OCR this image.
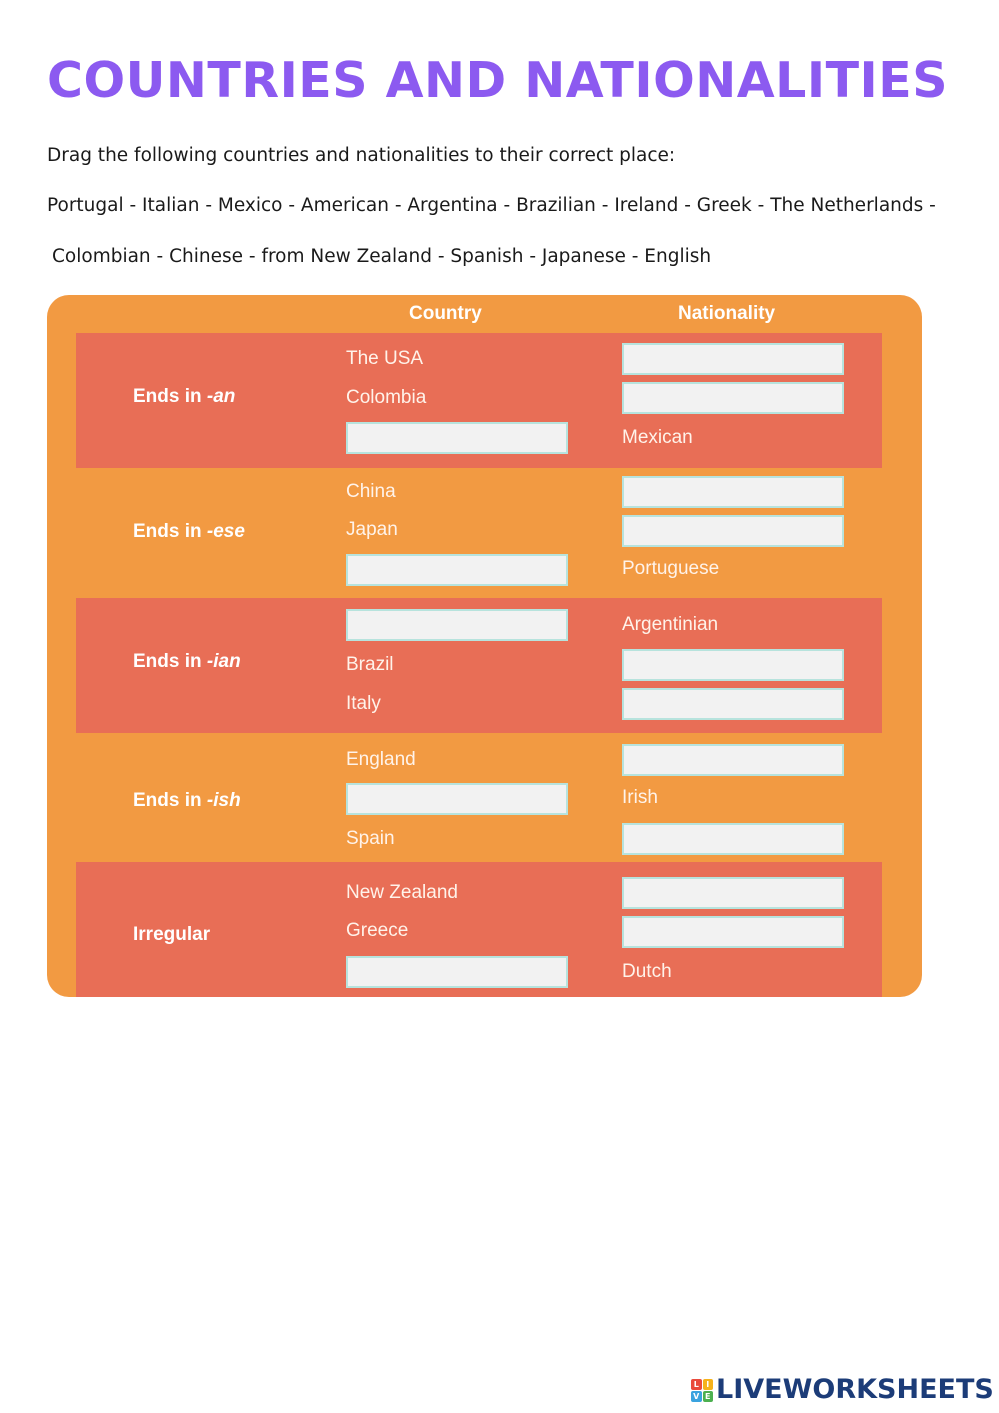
COUNTRIES AND NATIONALITIES

Drag the following countries and nationalities to their correct place:

Portugal - Italian - Mexico - American - Argentina - Brazilian - Ireland - Greek - The Netherlands -

Colombian - Chinese - from New Zealand - Spanish - Japanese - English

Country	Nationality
Ends in -an
The USA
Colombia
Mexican
Ends in -ese
China
Japan
Portuguese
Ends in -ian
Argentinian
Brazil
Italy
Ends in -ish
England
Irish
Spain
Irregular
New Zealand
Greece
Dutch
L I
V E LIVEWORKSHEETS
